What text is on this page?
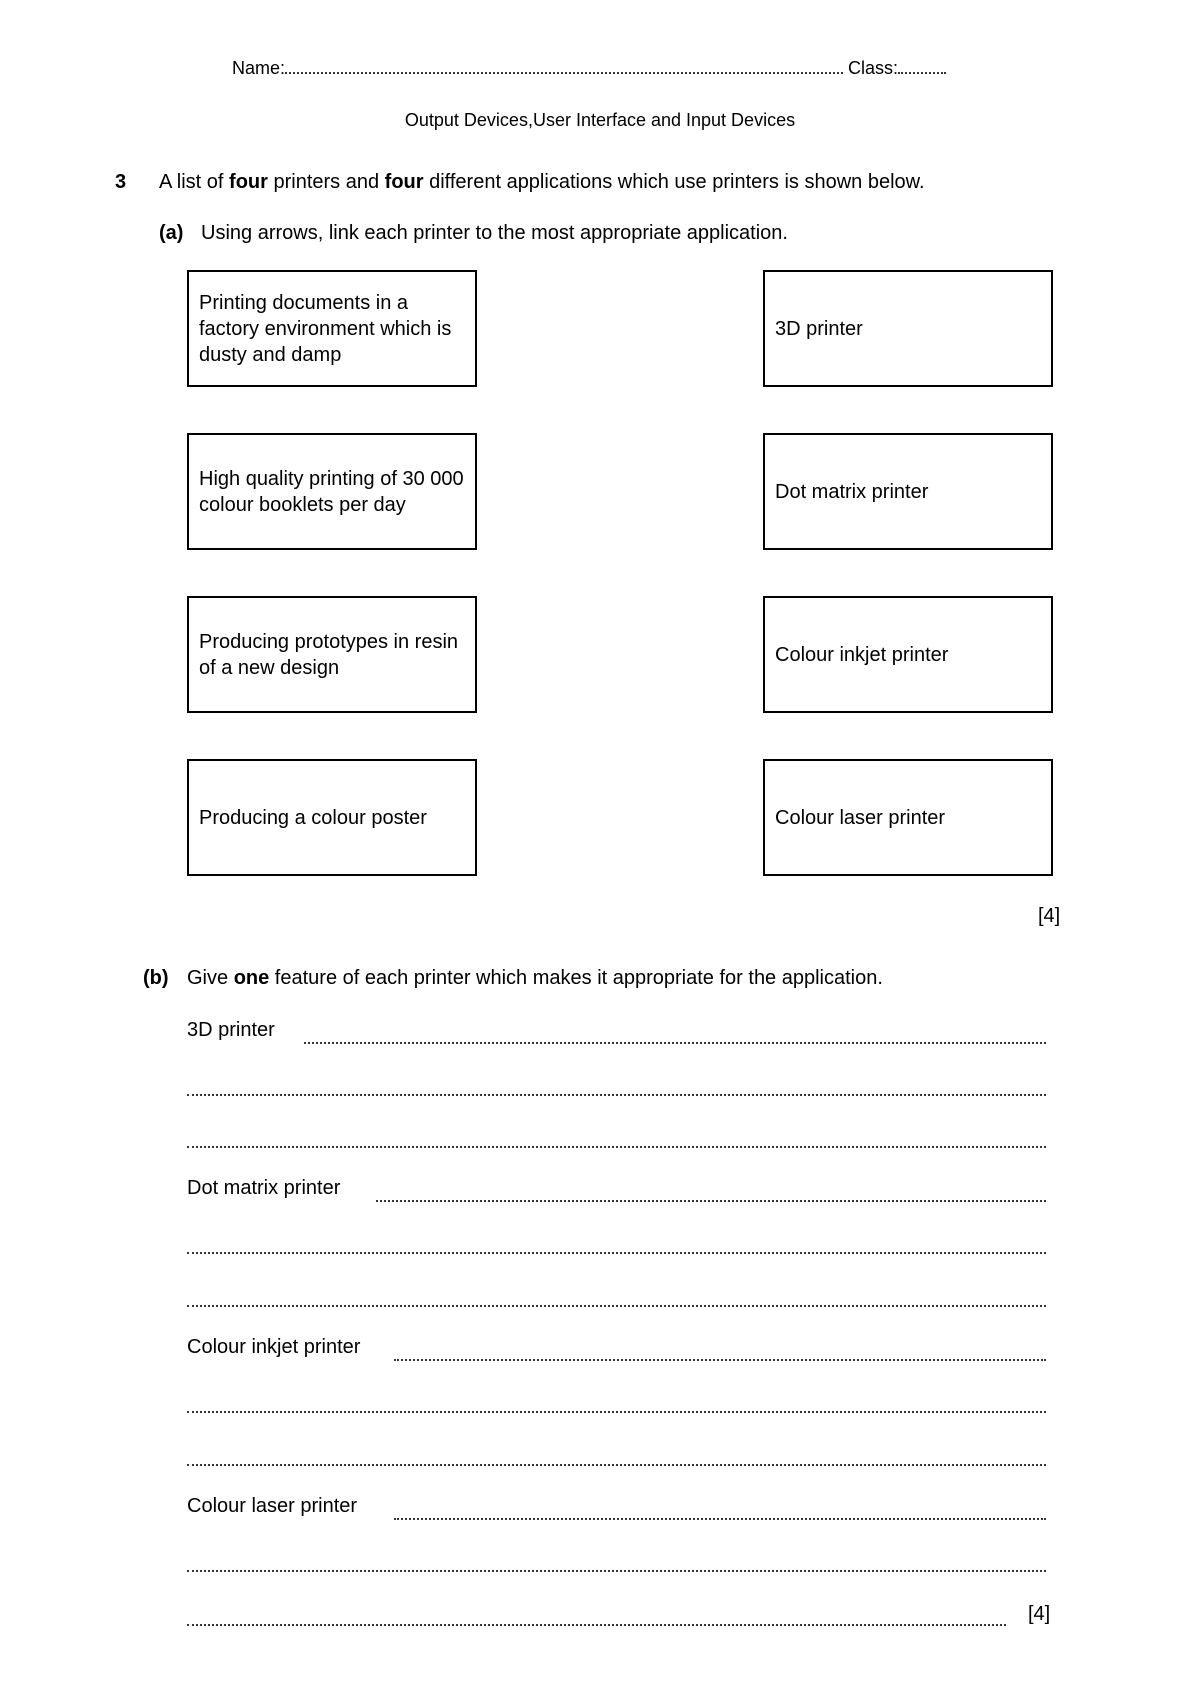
Name:	Class:
Output Devices,User Interface and Input Devices
3 A list of four printers and four different applications which use printers is shown below.
(a) Using arrows, link each printer to the most appropriate application.
Printing documents in a factory environment which is dusty and damp
High quality printing of 30 000 colour booklets per day
Producing prototypes in resin of a new design
Producing a colour poster
3D printer
Dot matrix printer
Colour inkjet printer
Colour laser printer
[4]
(b) Give one feature of each printer which makes it appropriate for the application.
3D printer
Dot matrix printer
Colour inkjet printer
Colour laser printer
[4]
